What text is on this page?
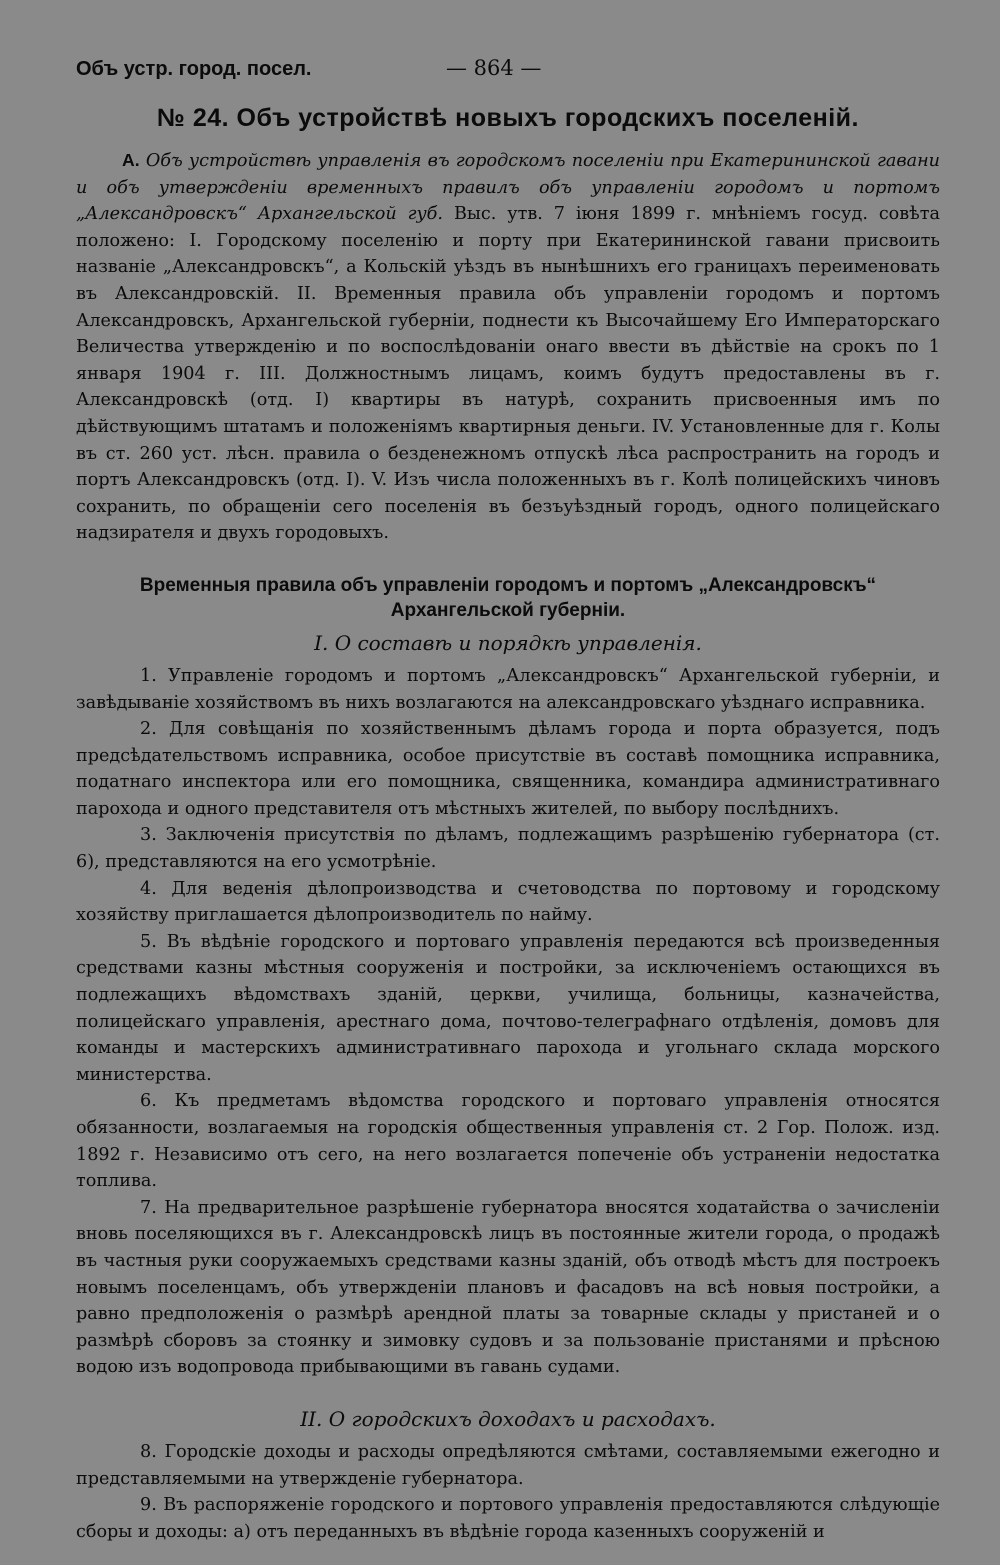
Объ устр. город. посел.	— 864 —
№ 24. Объ устройствѣ новыхъ городскихъ поселеній.

А. Объ устройствѣ управленія въ городскомъ поселеніи при Екатерининской гавани и объ утвержденіи временныхъ правилъ объ управленіи городомъ и портомъ „Александровскъ“ Архангельской губ. Выс. утв. 7 іюня 1899 г. мнѣніемъ госуд. совѣта положено: I. Городскому поселенію и порту при Екатерининской гавани присвоить названіе „Александровскъ“, а Кольскій уѣздъ въ нынѣшнихъ его границахъ переименовать въ Александровскій. II. Временныя правила объ управленіи городомъ и портомъ Александровскъ, Архангельской губерніи, поднести къ Высочайшему Его Императорскаго Величества утвержденію и по воспослѣдованіи онаго ввести въ дѣйствіе на срокъ по 1 января 1904 г. III. Должностнымъ лицамъ, коимъ будутъ предоставлены въ г. Александровскѣ (отд. I) квартиры въ натурѣ, сохранить присвоенныя имъ по дѣйствующимъ штатамъ и положеніямъ квартирныя деньги. IV. Установленные для г. Колы въ ст. 260 уст. лѣсн. правила о безденежномъ отпускѣ лѣса распространить на городъ и портъ Александровскъ (отд. I). V. Изъ числа положенныхъ въ г. Колѣ полицейскихъ чиновъ сохранить, по обращеніи сего поселенія въ безъуѣздный городъ, одного полицейскаго надзирателя и двухъ городовыхъ.

Временныя правила объ управленіи городомъ и портомъ „Александровскъ“ Архангельской губерніи.
I. О составѣ и порядкѣ управленія.

1. Управленіе городомъ и портомъ „Александровскъ“ Архангельской губерніи, и завѣдываніе хозяйствомъ въ нихъ возлагаются на александровскаго уѣзднаго исправника.

2. Для совѣщанія по хозяйственнымъ дѣламъ города и порта образуется, подъ предсѣдательствомъ исправника, особое присутствіе въ составѣ помощника исправника, податнаго инспектора или его помощника, священника, командира административнаго парохода и одного представителя отъ мѣстныхъ жителей, по выбору послѣднихъ.

3. Заключенія присутствія по дѣламъ, подлежащимъ разрѣшенію губернатора (ст. 6), представляются на его усмотрѣніе.

4. Для веденія дѣлопроизводства и счетоводства по портовому и городскому хозяйству приглашается дѣлопроизводитель по найму.

5. Въ вѣдѣніе городского и портоваго управленія передаются всѣ произведенныя средствами казны мѣстныя сооруженія и постройки, за исключеніемъ остающихся въ подлежащихъ вѣдомствахъ зданій, церкви, училища, больницы, казначейства, полицейскаго управленія, арестнаго дома, почтово-телеграфнаго отдѣленія, домовъ для команды и мастерскихъ административнаго парохода и угольнаго склада морского министерства.

6. Къ предметамъ вѣдомства городского и портоваго управленія относятся обязанности, возлагаемыя на городскія общественныя управленія ст. 2 Гор. Полож. изд. 1892 г. Независимо отъ сего, на него возлагается попеченіе объ устраненіи недостатка топлива.

7. На предварительное разрѣшеніе губернатора вносятся ходатайства о зачисленіи вновь поселяющихся въ г. Александровскѣ лицъ въ постоянные жители города, о продажѣ въ частныя руки сооружаемыхъ средствами казны зданій, объ отводѣ мѣстъ для построекъ новымъ поселенцамъ, объ утвержденіи плановъ и фасадовъ на всѣ новыя постройки, а равно предположенія о размѣрѣ арендной платы за товарные склады у пристаней и о размѣрѣ сборовъ за стоянку и зимовку судовъ и за пользованіе пристанями и прѣсною водою изъ водопровода прибывающими въ гавань судами.

II. О городскихъ доходахъ и расходахъ.

8. Городскіе доходы и расходы опредѣляются смѣтами, составляемыми ежегодно и представляемыми на утвержденіе губернатора.

9. Въ распоряженіе городского и портового управленія предоставляются слѣдующіе сборы и доходы: а) отъ переданныхъ въ вѣдѣніе города казенныхъ сооруженій и
